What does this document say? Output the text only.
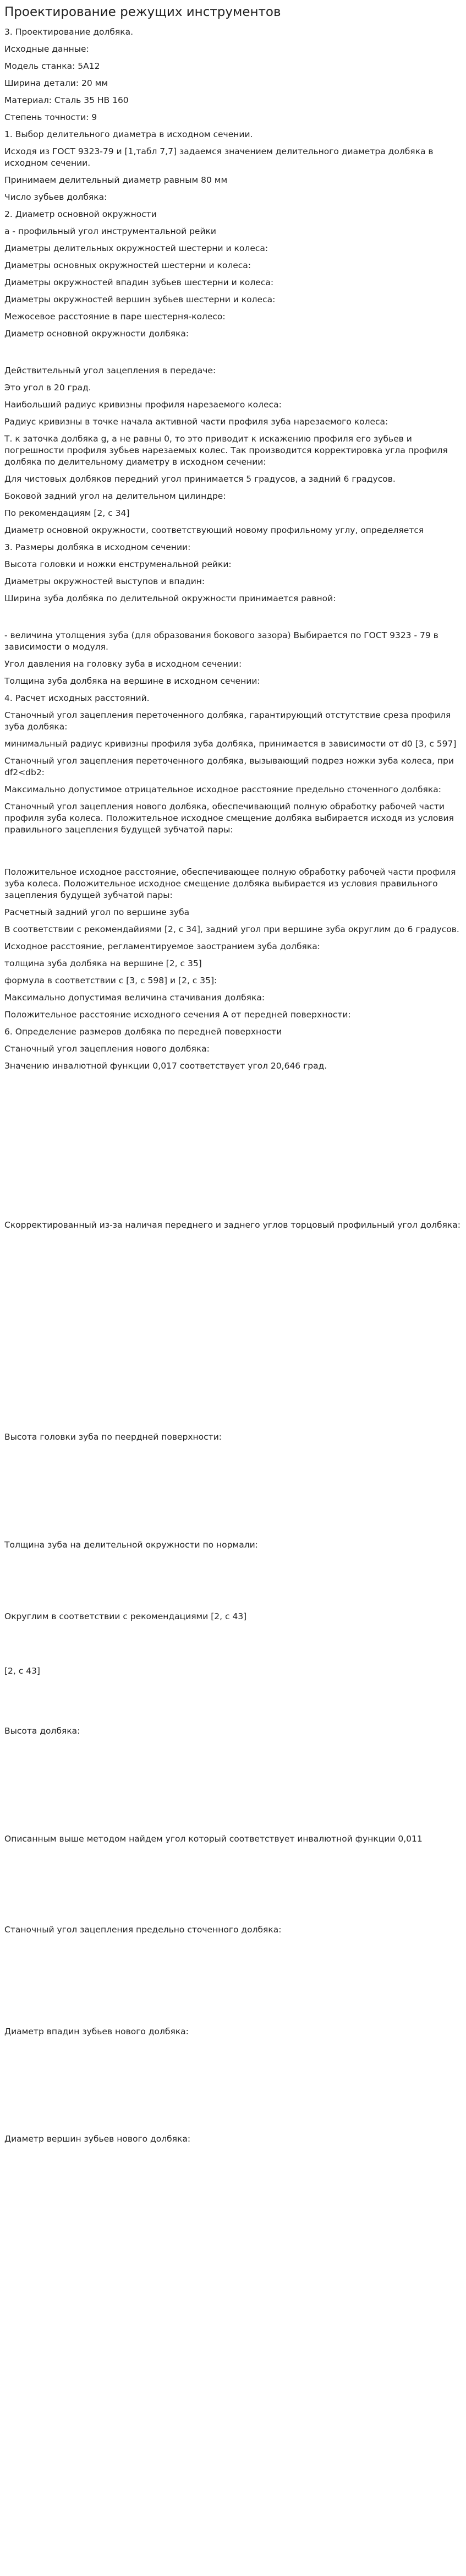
Проектирование режущих инструментов

3. Проектирование долбяка.

Исходные данные:

Модель станка: 5А12

Ширина детали: 20 мм

Материал: Сталь 35 НВ 160

Степень точности: 9

1. Выбор делительного диаметра в исходном сечении.

Исходя из ГОСТ 9323-79 и [1,табл 7,7] задаемся значением делительного диаметра долбяка в исходном сечении.

Принимаем делительный диаметр равным 80 мм

Число зубьев долбяка:

2. Диаметр основной окружности

а - профильный угол инструментальной рейки

Диаметры делительных окружностей шестерни и колеса:

Диаметры основных окружностей шестерни и колеса:

Диаметры окружностей впадин зубьев шестерни и колеса:

Диаметры окружностей вершин зубьев шестерни и колеса:

Межосевое расстояние в паре шестерня-колесо:

Диаметр основной окружности долбяка:

Действительный угол зацепления в передаче:

Это угол в 20 град.

Наибольший радиус кривизны профиля нарезаемого колеса:

Радиус кривизны в точке начала активной части профиля зуба нарезаемого колеса:

Т. к заточка долбяка g, а не равны 0, то это приводит к искажению профиля его зубьев и погрешности профиля зубьев нарезаемых колес. Так производится корректировка угла профиля долбяка по делительному диаметру в исходном сечении:

Для чистовых долбяков передний угол принимается 5 градусов, а задний 6 градусов.

Боковой задний угол на делительном цилиндре:

По рекомендациям [2, с 34]

Диаметр основной окружности, соответствующий новому профильному углу, определяется

3. Размеры долбяка в исходном сечении:

Высота головки и ножки енструменальной рейки:

Диаметры окружностей выступов и впадин:

Ширина зуба долбяка по делительной окружности принимается равной:

- величина утолщения зуба (для образования бокового зазора) Выбирается по ГОСТ 9323 - 79 в зависимости о модуля.

Угол давления на головку зуба в исходном сечении:

Толщина зуба долбяка на вершине в исходном сечении:

4. Расчет исходных расстояний.

Станочный угол зацепления переточенного долбяка, гарантирующий отстутствие среза профиля зуба долбяка:

минимальный радиус кривизны профиля зуба долбяка, принимается в зависимости от d0 [3, с 597]

Станочный угол зацепления переточенного долбяка, вызывающий подрез ножки зуба колеса, при df2<db2:

Максимально допустимое отрицательное исходное расстояние предельно сточенного долбяка:

Станочный угол зацепления нового долбяка, обеспечивающий полную обработку рабочей части профиля зуба колеса. Положительное исходное смещение долбяка выбирается исходя из условия правильного зацепления будущей зубчатой пары:

Положительное исходное расстояние, обеспечивающее полную обработку рабочей части профиля зуба колеса. Положительное исходное смещение долбяка выбирается из условия правильного зацепления будущей зубчатой пары:

Расчетный задний угол по вершине зуба

В соответствии с рекомендайиями [2, с 34], задний угол при вершине зуба округлим до 6 градусов.

Исходное расстояние, регламентируемое заостранием зуба долбяка:

толщина зуба долбяка на вершине [2, с 35]

формула в соответствии с [3, с 598] и [2, с 35]:

Максимально допустимая величина стачивания долбяка:

Положительное расстояние исходного сечения А от передней поверхности:

6. Определение размеров долбяка по передней поверхности

Станочный угол зацепления нового долбяка:

Значению инвалютной функции 0,017 соответствует угол 20,646 град.

Скорректированный из-за наличая переднего и заднего углов торцовый профильный угол долбяка:

Высота головки зуба по пеердней поверхности:

Толщина зуба на делительной окружности по нормали:

Округлим в соответствии с рекомендациями [2, с 43]

[2, с 43]

Высота долбяка:

Описанным выше методом найдем угол который соответствует инвалютной функции 0,011

Станочный угол зацепления предельно сточенного долбяка:

Диаметр впадин зубьев нового долбяка:

Диаметр вершин зубьев нового долбяка:
